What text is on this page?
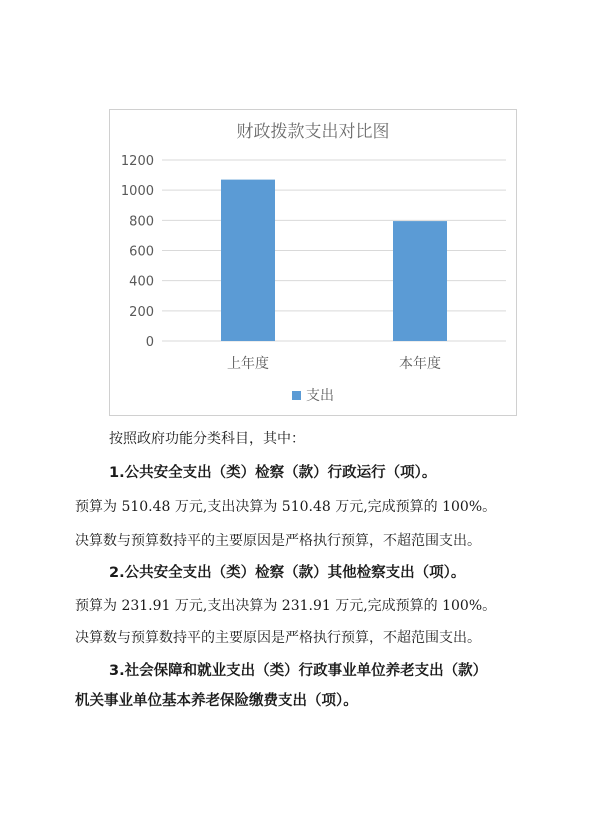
财政拨款支出对比图
0
200
400
600
800
1000
1200
上年度	本年度
支出

按照政府功能分类科目，其中：

1.公共安全支出（类）检察（款）行政运行（项）。

预算为 510.48 万元,支出决算为 510.48 万元,完成预算的 100%。

决算数与预算数持平的主要原因是严格执行预算，不超范围支出。

2.公共安全支出（类）检察（款）其他检察支出（项）。

预算为 231.91 万元,支出决算为 231.91 万元,完成预算的 100%。

决算数与预算数持平的主要原因是严格执行预算，不超范围支出。

3.社会保障和就业支出（类）行政事业单位养老支出（款）

机关事业单位基本养老保险缴费支出（项）。
